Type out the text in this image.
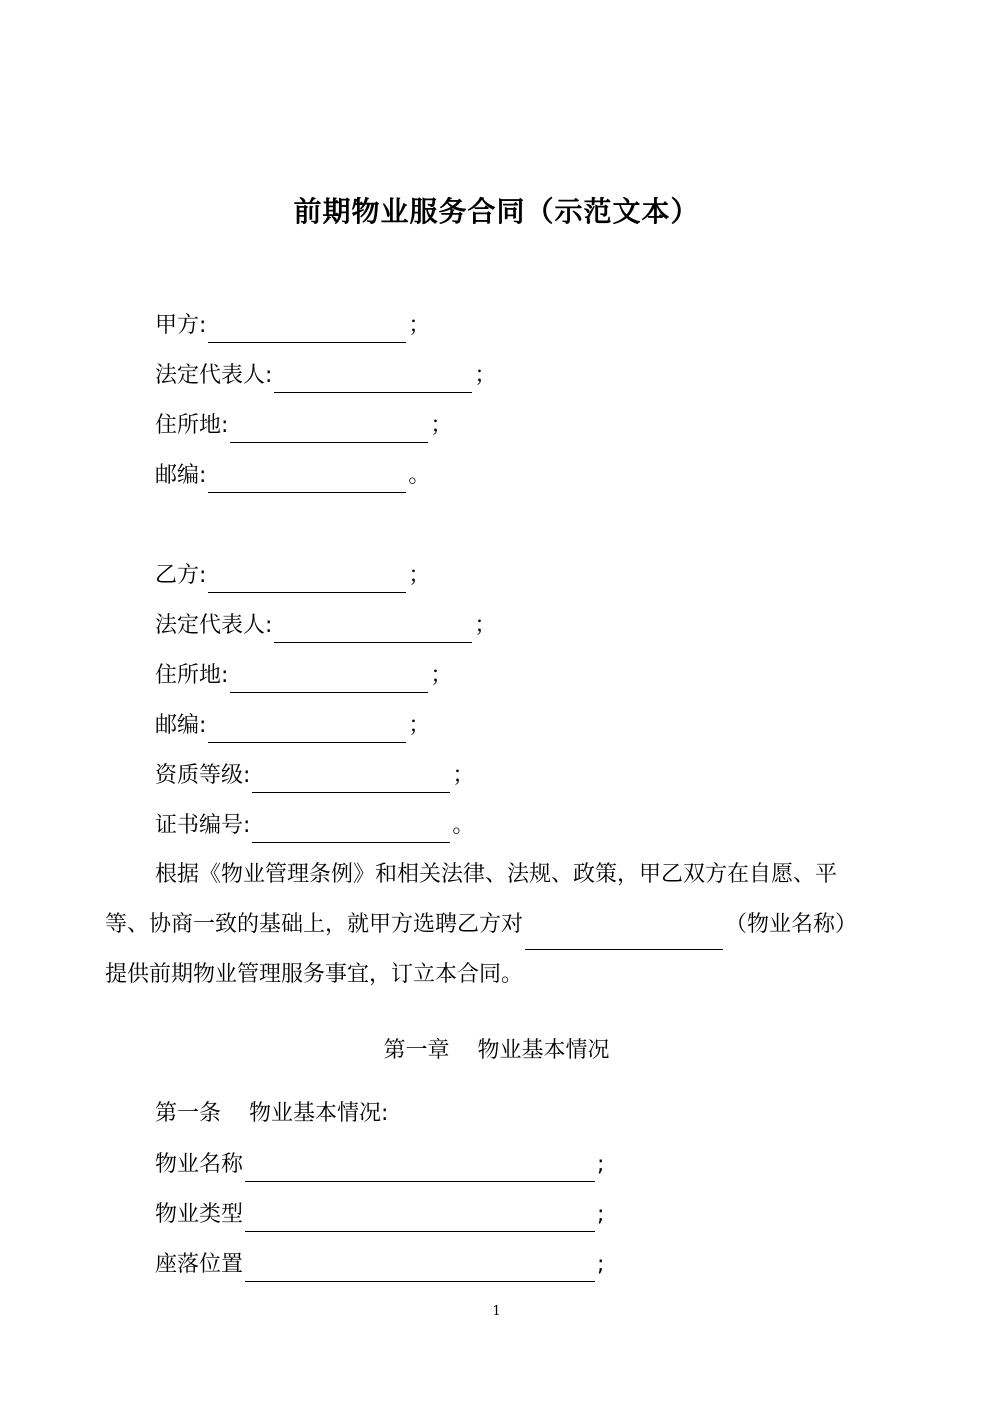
前期物业服务合同（示范文本）
甲方:	；
法定代表人:	；
住所地:	；
邮编:	。
乙方:	；
法定代表人:	；
住所地:	；
邮编:	；
资质等级:	；
证书编号:	。
根据《物业管理条例》和相关法律、法规、政策，甲乙双方在自愿、平
等、协商一致的基础上，就甲方选聘乙方对	（物业名称）
提供前期物业管理服务事宜，订立本合同。
第一章    物业基本情况
第一条    物业基本情况:
物业名称	;
物业类型	;
座落位置	;
1
